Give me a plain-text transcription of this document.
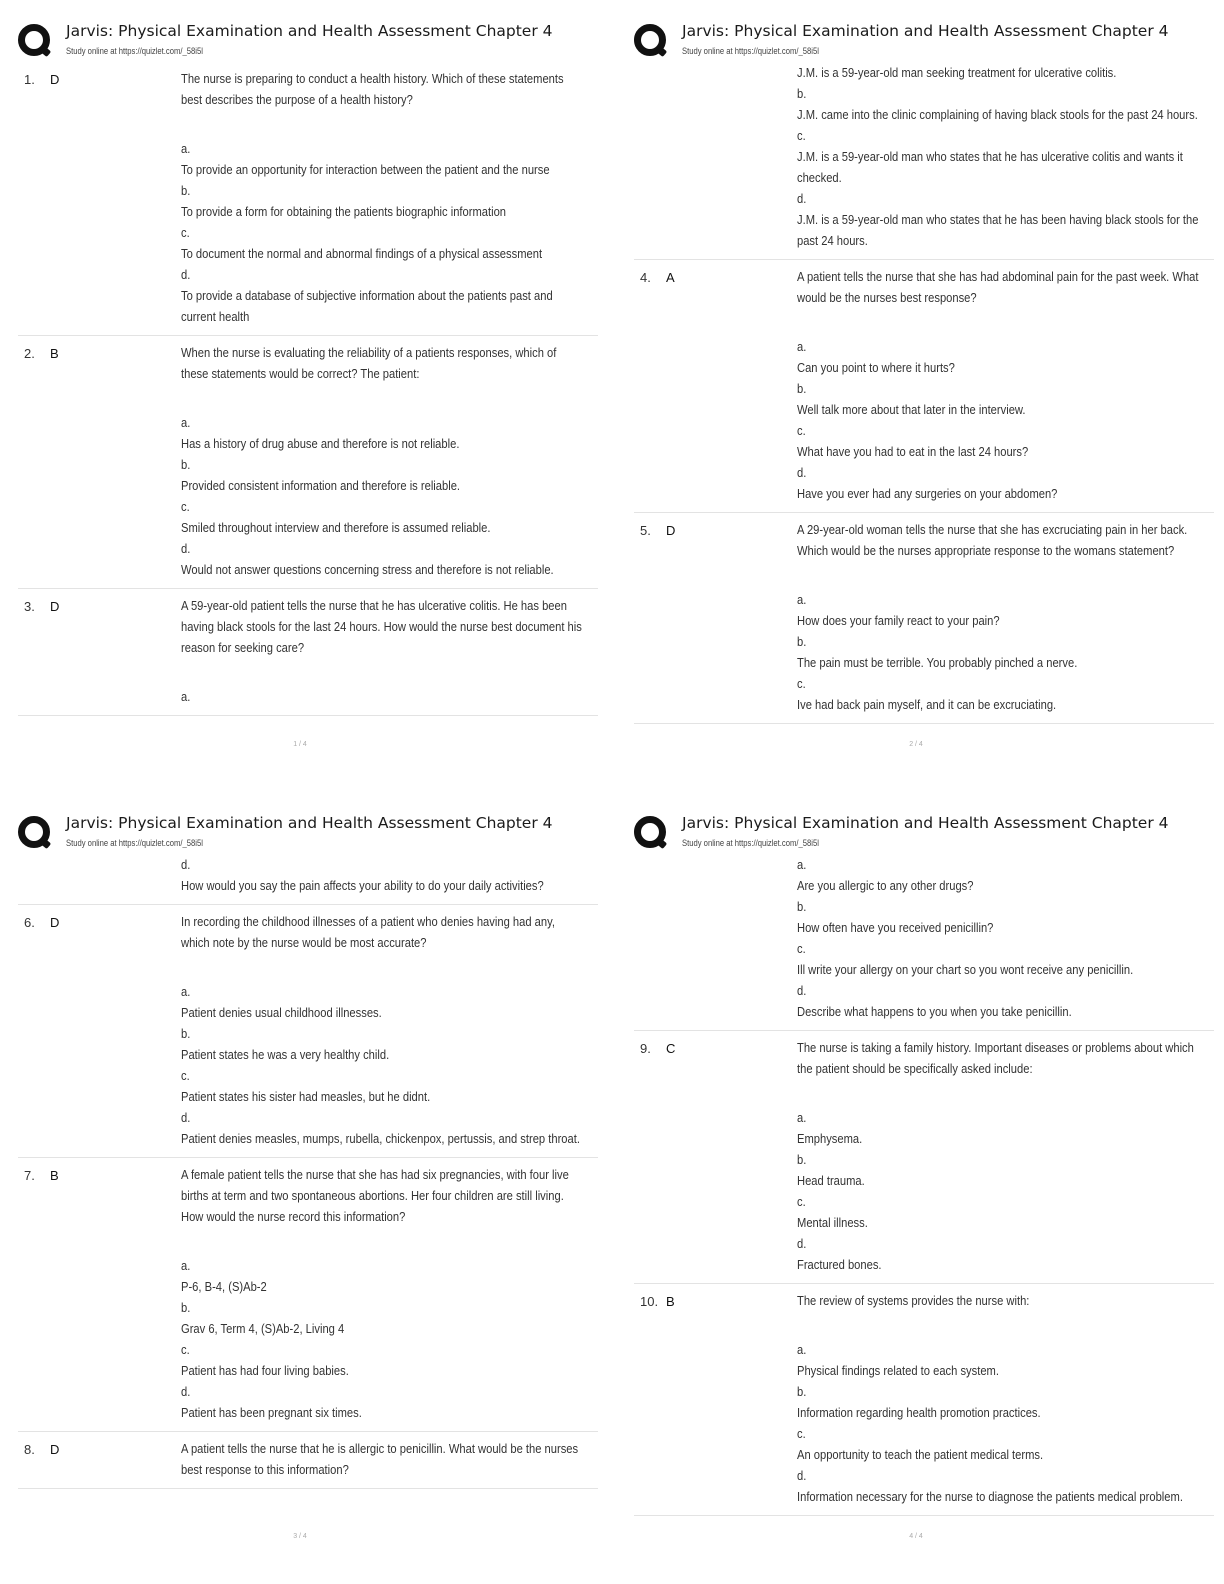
Jarvis: Physical Examination and Health Assessment Chapter 4
Study online at https://quizlet.com/_58i5l
1. D	The nurse is preparing to conduct a health history. Which of these statements best describes the purpose of a health history?
a.
To provide an opportunity for interaction between the patient and the nurse
b.
To provide a form for obtaining the patients biographic information
c.
To document the normal and abnormal findings of a physical assessment
d.
To provide a database of subjective information about the patients past and current health
2. B	When the nurse is evaluating the reliability of a patients responses, which of these statements would be correct? The patient:
a.
Has a history of drug abuse and therefore is not reliable.
b.
Provided consistent information and therefore is reliable.
c.
Smiled throughout interview and therefore is assumed reliable.
d.
Would not answer questions concerning stress and therefore is not reliable.
3. D	A 59-year-old patient tells the nurse that he has ulcerative colitis. He has been having black stools for the last 24 hours. How would the nurse best document his reason for seeking care?
a.
1 / 4
Jarvis: Physical Examination and Health Assessment Chapter 4
Study online at https://quizlet.com/_58i5l
J.M. is a 59-year-old man seeking treatment for ulcerative colitis.
b.
J.M. came into the clinic complaining of having black stools for the past 24 hours.
c.
J.M. is a 59-year-old man who states that he has ulcerative colitis and wants it checked.
d.
J.M. is a 59-year-old man who states that he has been having black stools for the past 24 hours.
4. A	A patient tells the nurse that she has had abdominal pain for the past week. What would be the nurses best response?
a.
Can you point to where it hurts?
b.
Well talk more about that later in the interview.
c.
What have you had to eat in the last 24 hours?
d.
Have you ever had any surgeries on your abdomen?
5. D	A 29-year-old woman tells the nurse that she has excruciating pain in her back. Which would be the nurses appropriate response to the womans statement?
a.
How does your family react to your pain?
b.
The pain must be terrible. You probably pinched a nerve.
c.
Ive had back pain myself, and it can be excruciating.
2 / 4
Jarvis: Physical Examination and Health Assessment Chapter 4
Study online at https://quizlet.com/_58i5l
d.
How would you say the pain affects your ability to do your daily activities?
6. D	In recording the childhood illnesses of a patient who denies having had any, which note by the nurse would be most accurate?
a.
Patient denies usual childhood illnesses.
b.
Patient states he was a very healthy child.
c.
Patient states his sister had measles, but he didnt.
d.
Patient denies measles, mumps, rubella, chickenpox, pertussis, and strep throat.
7. B	A female patient tells the nurse that she has had six pregnancies, with four live births at term and two spontaneous abortions. Her four children are still living. How would the nurse record this information?
a.
P-6, B-4, (S)Ab-2
b.
Grav 6, Term 4, (S)Ab-2, Living 4
c.
Patient has had four living babies.
d.
Patient has been pregnant six times.
8. D	A patient tells the nurse that he is allergic to penicillin. What would be the nurses best response to this information?
3 / 4
Jarvis: Physical Examination and Health Assessment Chapter 4
Study online at https://quizlet.com/_58i5l
a.
Are you allergic to any other drugs?
b.
How often have you received penicillin?
c.
Ill write your allergy on your chart so you wont receive any penicillin.
d.
Describe what happens to you when you take penicillin.
9. C	The nurse is taking a family history. Important diseases or problems about which the patient should be specifically asked include:
a.
Emphysema.
b.
Head trauma.
c.
Mental illness.
d.
Fractured bones.
10. B	The review of systems provides the nurse with:
a.
Physical findings related to each system.
b.
Information regarding health promotion practices.
c.
An opportunity to teach the patient medical terms.
d.
Information necessary for the nurse to diagnose the patients medical problem.
4 / 4
